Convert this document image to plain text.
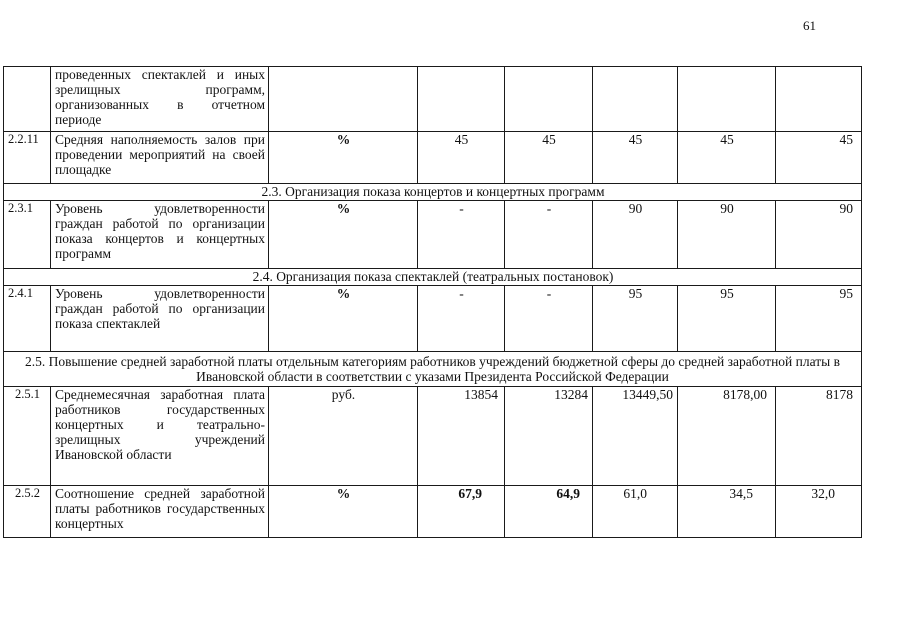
61
	проведенных спектаклей и иных зрелищных программ, организованных в отчетном периоде						
2.2.11	Средняя наполняемость залов при проведении мероприятий на своей площадке	%	45	45	45	45	45
2.3. Организация показа концертов и концертных программ							
2.3.1	Уровень удовлетворенности граждан работой по организации показа концертов и концертных программ	%	-	-	90	90	90
2.4. Организация показа спектаклей (театральных постановок)							
2.4.1	Уровень удовлетворенности граждан работой по организации показа спектаклей	%	-	-	95	95	95
2.5. Повышение средней заработной платы отдельным категориям работников учреждений бюджетной сферы до средней заработной платы в Ивановской области в соответствии с указами Президента Российской Федерации							
2.5.1	Среднемесячная заработная плата работников государственных концертных и театрально-зрелищных учреждений Ивановской области	руб.	13854	13284	13449,50	8178,00	8178
2.5.2	Соотношение средней заработной платы работников государственных концертных	%	67,9	64,9	61,0	34,5	32,0
